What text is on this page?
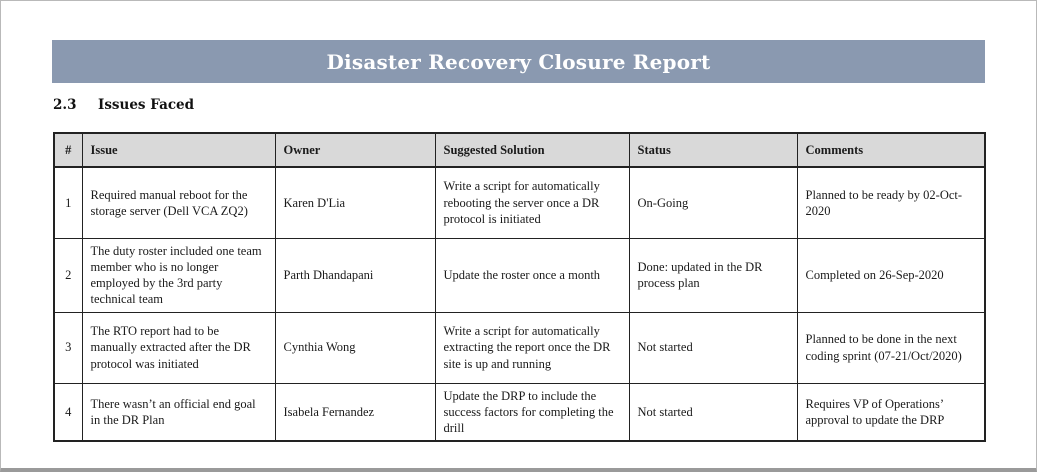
Disaster Recovery Closure Report
2.3 Issues Faced
#	Issue	Owner	Suggested Solution	Status	Comments
1	Required manual reboot for the storage server (Dell VCA ZQ2)	Karen D'Lia	Write a script for automatically rebooting the server once a DR protocol is initiated	On-Going	Planned to be ready by 02-Oct-2020
2	The duty roster included one team member who is no longer employed by the 3rd party technical team	Parth Dhandapani	Update the roster once a month	Done: updated in the DR process plan	Completed on 26-Sep-2020
3	The RTO report had to be manually extracted after the DR protocol was initiated	Cynthia Wong	Write a script for automatically extracting the report once the DR site is up and running	Not started	Planned to be done in the next coding sprint (07-21/Oct/2020)
4	There wasn’t an official end goal in the DR Plan	Isabela Fernandez	Update the DRP to include the success factors for completing the drill	Not started	Requires VP of Operations’ approval to update the DRP
